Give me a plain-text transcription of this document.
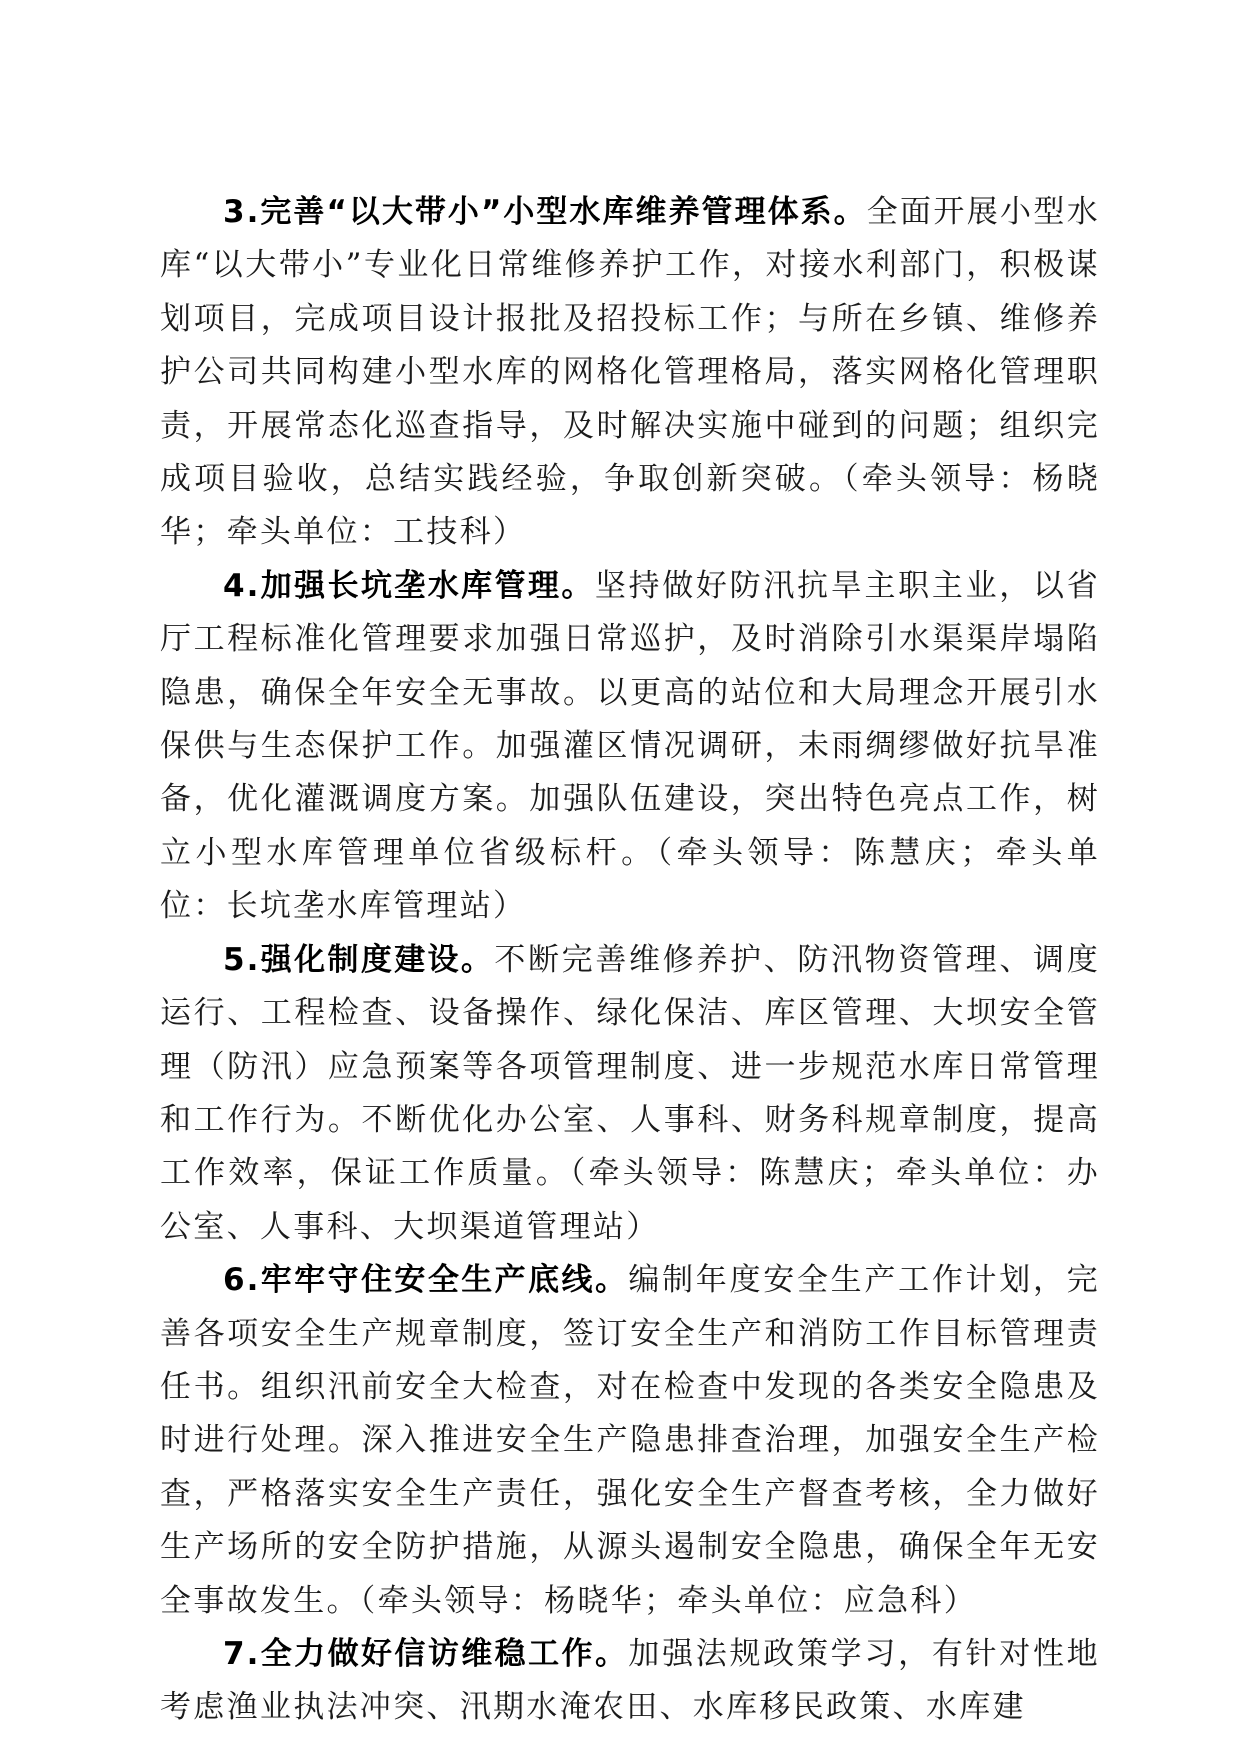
3.完善“以大带小”小型水库维养管理体系。全面开展小型水库“以大带小”专业化日常维修养护工作，对接水利部门，积极谋划项目，完成项目设计报批及招投标工作；与所在乡镇、维修养护公司共同构建小型水库的网格化管理格局，落实网格化管理职责，开展常态化巡查指导，及时解决实施中碰到的问题；组织完成项目验收，总结实践经验，争取创新突破。（牵头领导：杨晓华；牵头单位：工技科）

4.加强长坑垄水库管理。坚持做好防汛抗旱主职主业，以省厅工程标准化管理要求加强日常巡护，及时消除引水渠渠岸塌陷隐患，确保全年安全无事故。以更高的站位和大局理念开展引水保供与生态保护工作。加强灌区情况调研，未雨绸缪做好抗旱准备，优化灌溉调度方案。加强队伍建设，突出特色亮点工作，树立小型水库管理单位省级标杆。（牵头领导：陈慧庆；牵头单位：长坑垄水库管理站）

5.强化制度建设。不断完善维修养护、防汛物资管理、调度运行、工程检查、设备操作、绿化保洁、库区管理、大坝安全管理（防汛）应急预案等各项管理制度、进一步规范水库日常管理和工作行为。不断优化办公室、人事科、财务科规章制度，提高工作效率，保证工作质量。（牵头领导：陈慧庆；牵头单位：办公室、人事科、大坝渠道管理站）

6.牢牢守住安全生产底线。编制年度安全生产工作计划，完善各项安全生产规章制度，签订安全生产和消防工作目标管理责任书。组织汛前安全大检查，对在检查中发现的各类安全隐患及时进行处理。深入推进安全生产隐患排查治理，加强安全生产检查，严格落实安全生产责任，强化安全生产督查考核，全力做好生产场所的安全防护措施，从源头遏制安全隐患，确保全年无安全事故发生。（牵头领导：杨晓华；牵头单位：应急科）

7.全力做好信访维稳工作。加强法规政策学习，有针对性地考虑渔业执法冲突、汛期水淹农田、水库移民政策、水库建
